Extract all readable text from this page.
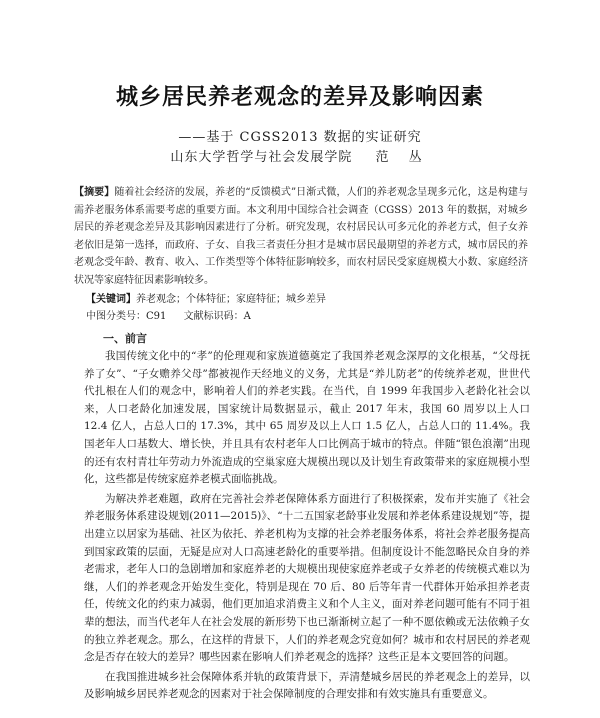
城乡居民养老观念的差异及影响因素
——基于 CGSS2013 数据的实证研究
山东大学哲学与社会发展学院 范 丛
【摘要】随着社会经济的发展，养老的“反馈模式”日渐式微，人们的养老观念呈现多元化，这是构建与需养老服务体系需要考虑的重要方面。本文利用中国综合社会调查（CGSS）2013 年的数据，对城乡居民的养老观念差异及其影响因素进行了分析。研究发现，农村居民认可多元化的养老方式，但子女养老依旧是第一选择，而政府、子女、自我三者责任分担才是城市居民最期望的养老方式，城市居民的养老观念受年龄、教育、收入、工作类型等个体特征影响较多，而农村居民受家庭规模大小数、家庭经济状况等家庭特征因素影响较多。
【关键词】养老观念；个体特征；家庭特征；城乡差异
中图分类号：C91 文献标识码：A
一、前言

我国传统文化中的“孝”的伦理观和家族道德奠定了我国养老观念深厚的文化根基，“父母抚养了女”、“子女赡养父母”都被视作天经地义的义务，尤其是“养儿防老”的传统养老观，世世代代扎根在人们的观念中，影响着人们的养老实践。在当代，自 1999 年我国步入老龄化社会以来，人口老龄化加速发展，国家统计局数据显示，截止 2017 年末，我国 60 周岁以上人口 12.4 亿人，占总人口的 17.3%，其中 65 周岁及以上人口 1.5 亿人，占总人口的 11.4%。我国老年人口基数大、增长快，并且具有农村老年人口比例高于城市的特点。伴随“银色浪潮”出现的还有农村青壮年劳动力外流造成的空巢家庭大规模出现以及计划生育政策带来的家庭规模小型化，这些都是传统家庭养老模式面临挑战。

为解决养老难题，政府在完善社会养老保障体系方面进行了积极探索，发布并实施了《社会养老服务体系建设规划(2011—2015)》、“十二五国家老龄事业发展和养老体系建设规划”等，提出建立以居家为基础、社区为依托、养老机构为支撑的社会养老服务体系，将社会养老服务提高到国家政策的层面，无疑是应对人口高速老龄化的重要举措。但制度设计不能忽略民众自身的养老需求，老年人口的急剧增加和家庭养老的大规模出现使家庭养老或子女养老的传统模式难以为继，人们的养老观念开始发生变化，特别是现在 70 后、80 后等年青一代群体开始承担养老责任，传统文化的约束力减弱，他们更加追求消费主义和个人主义，面对养老问题可能有不同于祖辈的想法，而当代老年人在社会发展的新形势下也已渐渐树立起了一种不愿依赖或无法依赖子女的独立养老观念。那么，在这样的背景下，人们的养老观念究竟如何？城市和农村居民的养老观念是否存在较大的差异？哪些因素在影响人们养老观念的选择？这些正是本文要回答的问题。

在我国推进城乡社会保障体系并轨的政策背景下，弄清楚城乡居民的养老观念上的差异，以及影响城乡居民养老观念的因素对于社会保障制度的合理安排和有效实施具有重要意义。
